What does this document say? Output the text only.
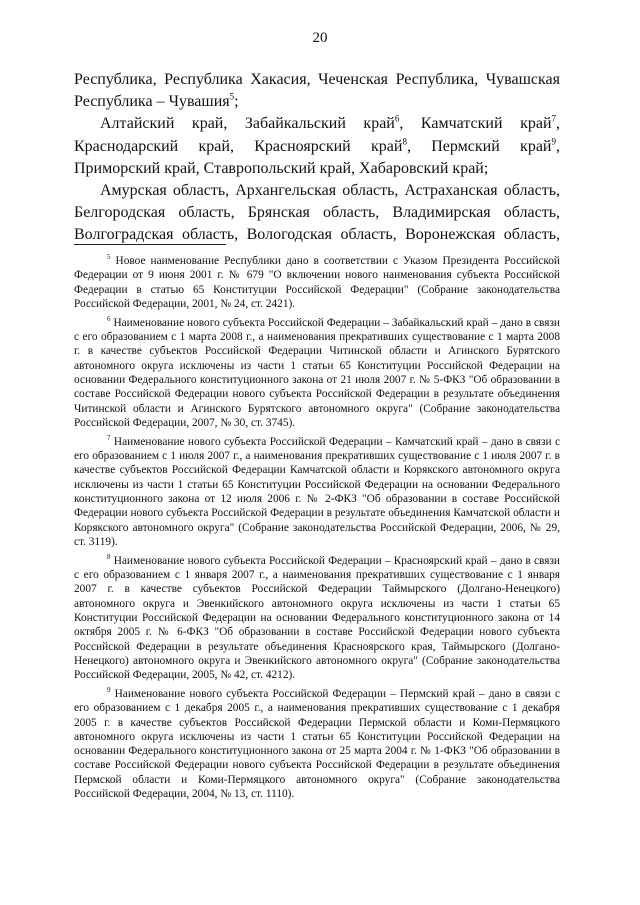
20

Республика, Республика Хакасия, Чеченская Республика, Чувашская Республика – Чувашия$^5$;

Алтайский край, Забайкальский край$^6$, Камчатский край$^7$, Краснодарский край, Красноярский край$^8$, Пермский край$^9$, Приморский край, Ставропольский край, Хабаровский край;

Амурская область, Архангельская область, Астраханская область, Белгородская область, Брянская область, Владимирская область, Волгоградская область, Вологодская область, Воронежская область,

$^5$ Новое наименование Республики дано в соответствии с Указом Президента Российской Федерации от 9 июня 2001 г. № 679 "О включении нового наименования субъекта Российской Федерации в статью 65 Конституции Российской Федерации" (Собрание законодательства Российской Федерации, 2001, № 24, ст. 2421).

$^6$ Наименование нового субъекта Российской Федерации – Забайкальский край – дано в связи с его образованием с 1 марта 2008 г., а наименования прекративших существование с 1 марта 2008 г. в качестве субъектов Российской Федерации Читинской области и Агинского Бурятского автономного округа исключены из части 1 статьи 65 Конституции Российской Федерации на основании Федерального конституционного закона от 21 июля 2007 г. № 5-ФКЗ "Об образовании в составе Российской Федерации нового субъекта Российской Федерации в результате объединения Читинской области и Агинского Бурятского автономного округа" (Собрание законодательства Российской Федерации, 2007, № 30, ст. 3745).

$^7$ Наименование нового субъекта Российской Федерации – Камчатский край – дано в связи с его образованием с 1 июля 2007 г., а наименования прекративших существование с 1 июля 2007 г. в качестве субъектов Российской Федерации Камчатской области и Корякского автономного округа исключены из части 1 статьи 65 Конституции Российской Федерации на основании Федерального конституционного закона от 12 июля 2006 г. № 2-ФКЗ "Об образовании в составе Российской Федерации нового субъекта Российской Федерации в результате объединения Камчатской области и Корякского автономного округа" (Собрание законодательства Российской Федерации, 2006, № 29, ст. 3119).

$^8$ Наименование нового субъекта Российской Федерации – Красноярский край – дано в связи с его образованием с 1 января 2007 г., а наименования прекративших существование с 1 января 2007 г. в качестве субъектов Российской Федерации Таймырского (Долгано-Ненецкого) автономного округа и Эвенкийского автономного округа исключены из части 1 статьи 65 Конституции Российской Федерации на основании Федерального конституционного закона от 14 октября 2005 г. № 6-ФКЗ "Об образовании в составе Российской Федерации нового субъекта Российской Федерации в результате объединения Красноярского края, Таймырского (Долгано-Ненецкого) автономного округа и Эвенкийского автономного округа" (Собрание законодательства Российской Федерации, 2005, № 42, ст. 4212).

$^9$ Наименование нового субъекта Российской Федерации – Пермский край – дано в связи с его образованием с 1 декабря 2005 г., а наименования прекративших существование с 1 декабря 2005 г. в качестве субъектов Российской Федерации Пермской области и Коми-Пермяцкого автономного округа исключены из части 1 статьи 65 Конституции Российской Федерации на основании Федерального конституционного закона от 25 марта 2004 г. № 1-ФКЗ "Об образовании в составе Российской Федерации нового субъекта Российской Федерации в результате объединения Пермской области и Коми-Пермяцкого автономного округа" (Собрание законодательства Российской Федерации, 2004, № 13, ст. 1110).
